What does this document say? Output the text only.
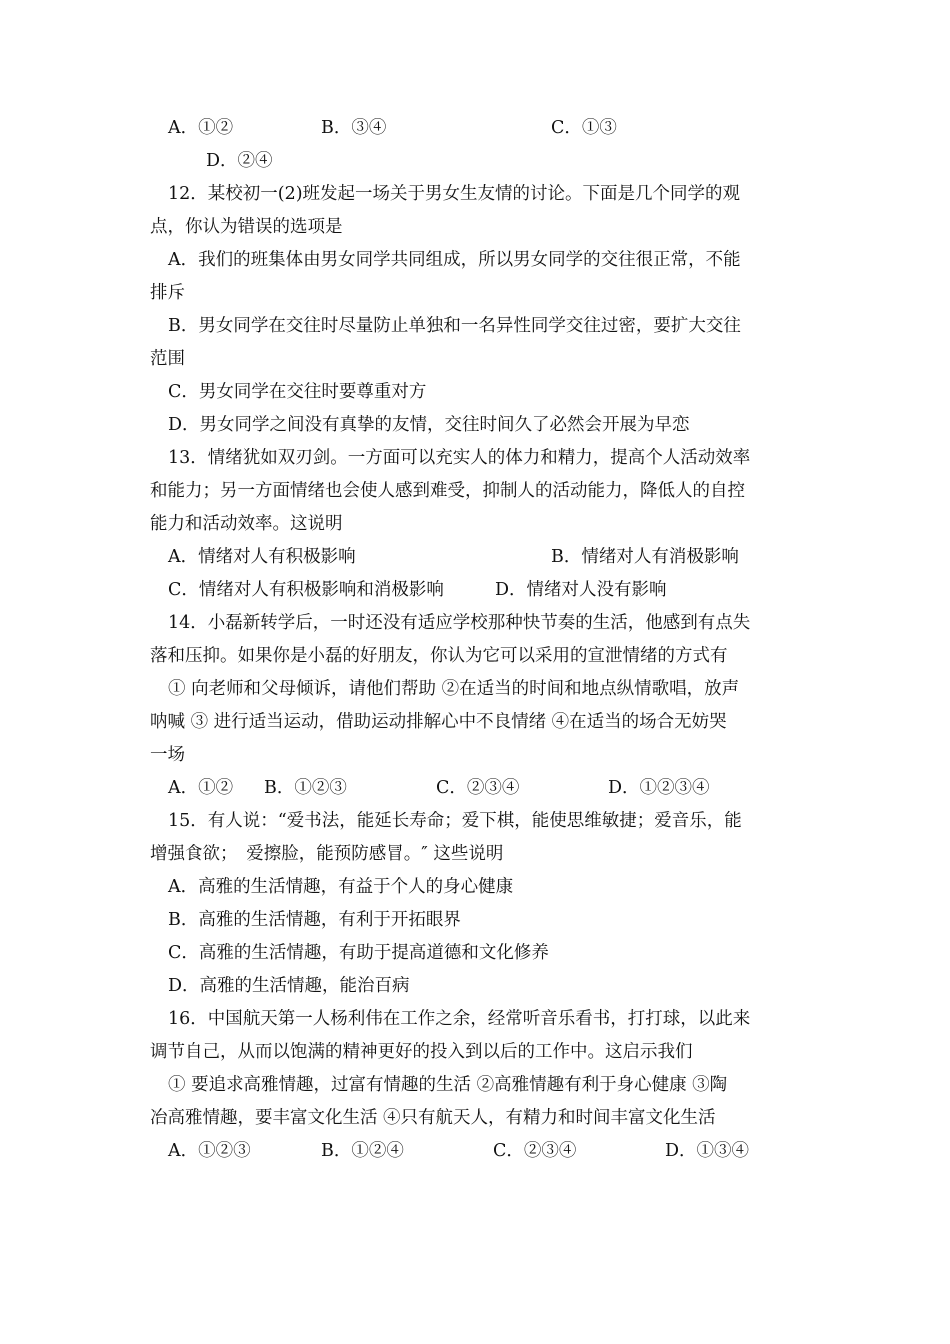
A．①②	B．③④	C．①③
D．②④
12．某校初一(2)班发起一场关于男女生友情的讨论。下面是几个同学的观
点，你认为错误的选项是
A．我们的班集体由男女同学共同组成，所以男女同学的交往很正常，不能
排斥
B．男女同学在交往时尽量防止单独和一名异性同学交往过密，要扩大交往
范围
C．男女同学在交往时要尊重对方
D．男女同学之间没有真挚的友情，交往时间久了必然会开展为早恋
13．情绪犹如双刃剑。一方面可以充实人的体力和精力，提高个人活动效率
和能力；另一方面情绪也会使人感到难受，抑制人的活动能力，降低人的自控
能力和活动效率。这说明
A．情绪对人有积极影响	B．情绪对人有消极影响
C．情绪对人有积极影响和消极影响	D．情绪对人没有影响
14．小磊新转学后，一时还没有适应学校那种快节奏的生活，他感到有点失
落和压抑。如果你是小磊的好朋友，你认为它可以采用的宣泄情绪的方式有
① 向老师和父母倾诉，请他们帮助 ②在适当的时间和地点纵情歌唱，放声
呐喊 ③ 进行适当运动，借助运动排解心中不良情绪 ④在适当的场合无妨哭
一场
A．①② B．①②③	C．②③④	D．①②③④
15．有人说：“爱书法，能延长寿命；爱下棋，能使思维敏捷；爱音乐，能
增强食欲；　爱擦脸，能预防感冒。″ 这些说明
A．高雅的生活情趣，有益于个人的身心健康
B．高雅的生活情趣，有利于开拓眼界
C．高雅的生活情趣，有助于提高道德和文化修养
D．高雅的生活情趣，能治百病
16．中国航天第一人杨利伟在工作之余，经常听音乐看书，打打球，以此来
调节自己，从而以饱满的精神更好的投入到以后的工作中。这启示我们
① 要追求高雅情趣，过富有情趣的生活 ②高雅情趣有利于身心健康 ③陶
冶高雅情趣，要丰富文化生活 ④只有航天人，有精力和时间丰富文化生活
A．①②③	B．①②④	C．②③④	D．①③④
